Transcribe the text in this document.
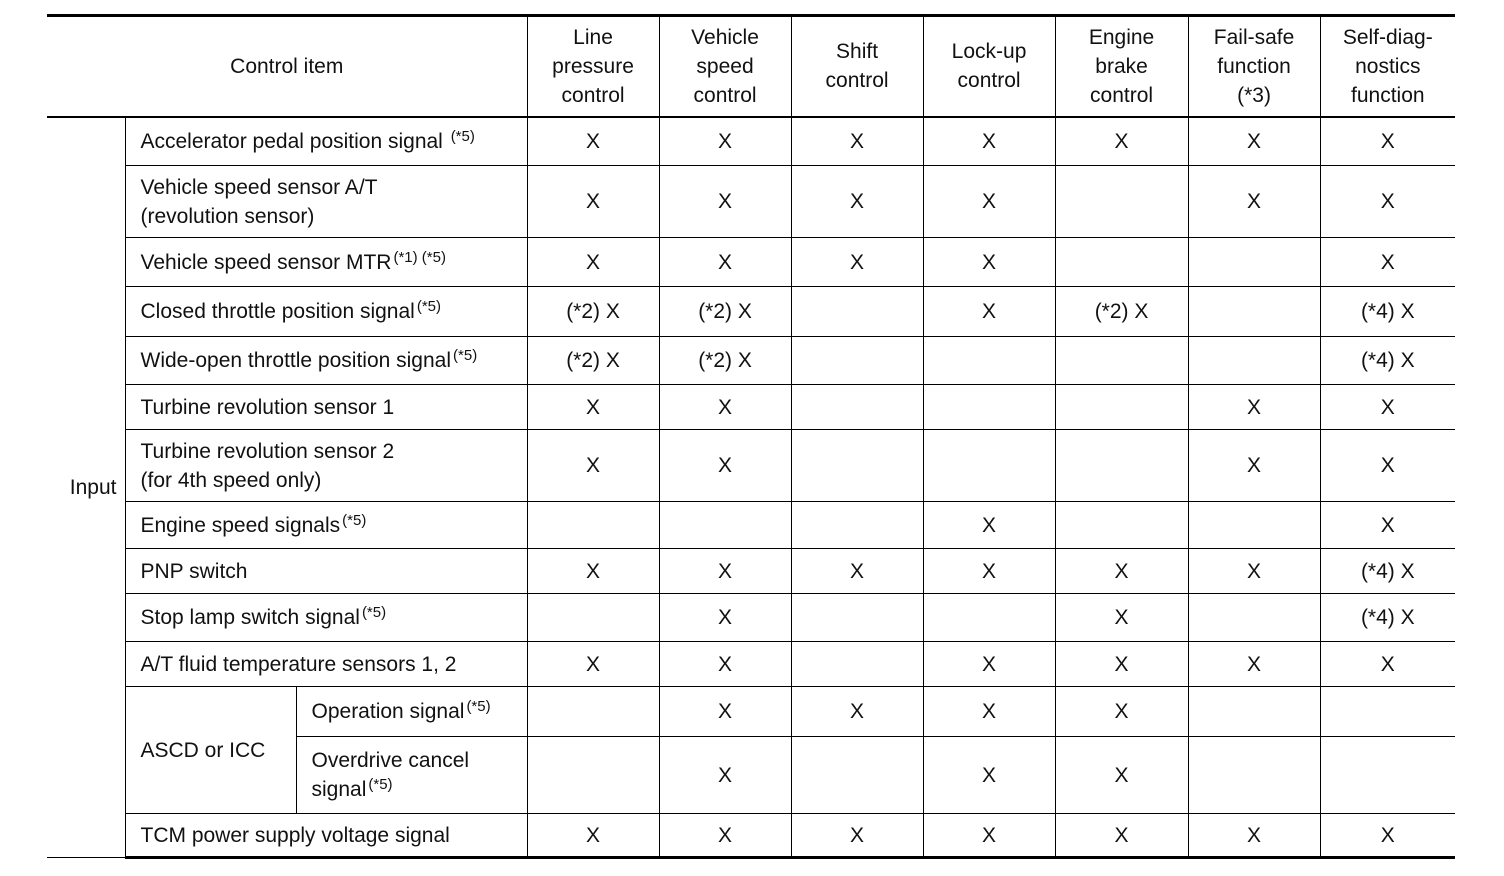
Control item			Line
pressure
control	Vehicle
speed
control	Shift
control	Lock-up
control	Engine
brake
control	Fail-safe
function
(*3)	Self-diag-
nostics
function

Input	Accelerator pedal position signal $^{(*5)}$		X	X	X	X	X	X	X

	Vehicle speed sensor A/T
(revolution sensor)		X	X	X	X		X	X
	Vehicle speed sensor MTR $^{(*1) (*5)}$		X	X	X	X			X
	Closed throttle position signal $^{(*5)}$		(*2) X	(*2) X		X	(*2) X		(*4) X
	Wide-open throttle position signal $^{(*5)}$		(*2) X	(*2) X					(*4) X
	Turbine revolution sensor 1		X	X				X	X

	Turbine revolution sensor 2
(for 4th speed only)		X	X				X	X
	Engine speed signals $^{(*5)}$					X			X
	PNP switch		X	X	X	X	X	X	(*4) X
	Stop lamp switch signal $^{(*5)}$			X			X		(*4) X
	A/T fluid temperature sensors 1, 2		X	X		X	X	X	X
	ASCD or ICC	Operation signal $^{(*5)}$		X	X	X	X		

		Overdrive cancel
signal $^{(*5)}$		X		X	X		
	TCM power supply voltage signal		X	X	X	X	X	X	X
